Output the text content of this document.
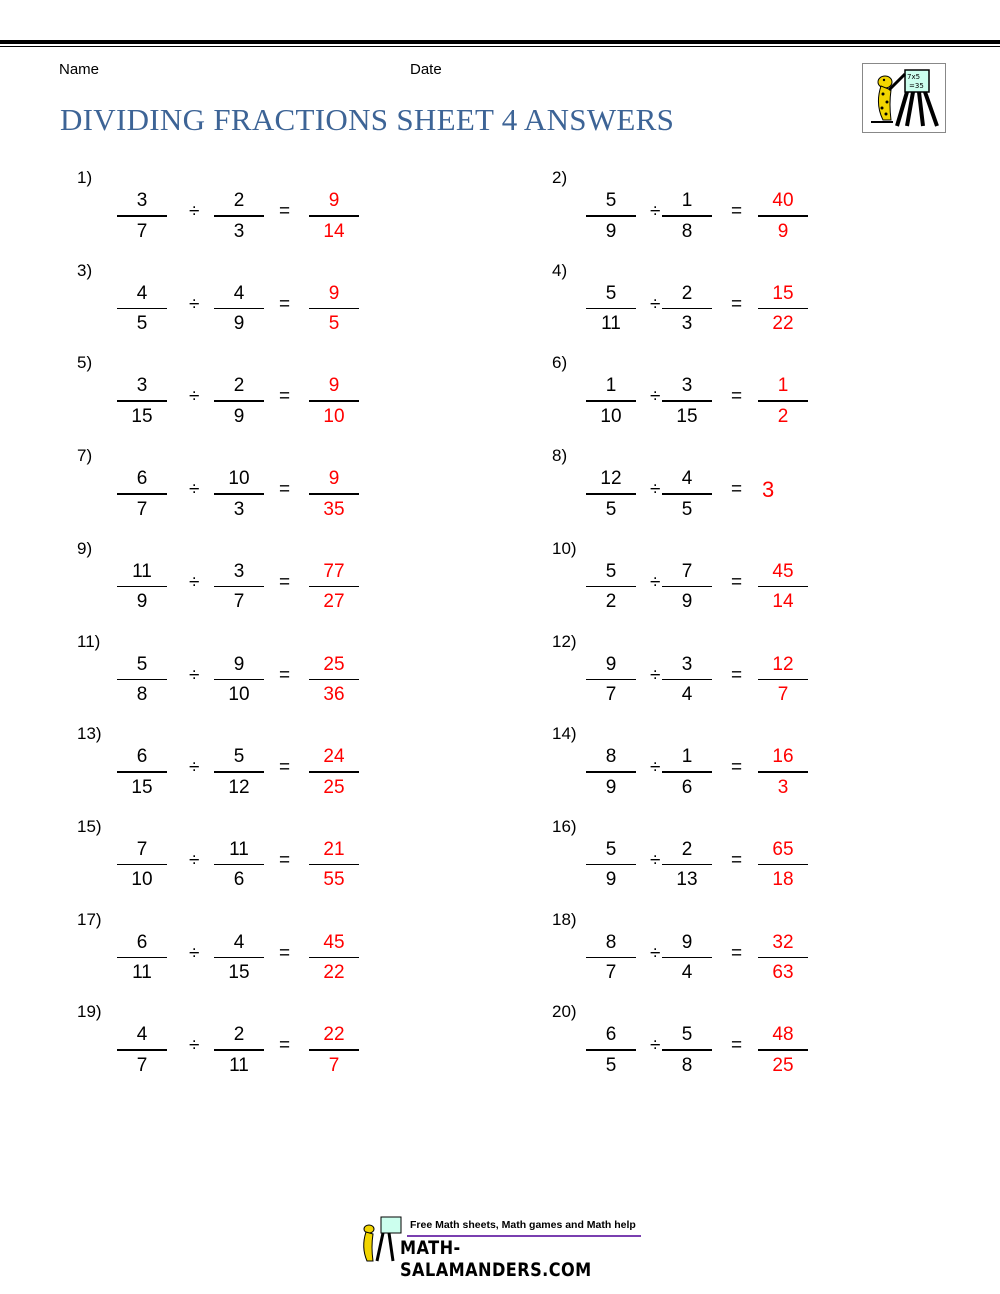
Name	Date
DIVIDING FRACTIONS SHEET 4 ANSWERS
7x5
=35
1)
3
7
÷
2
3
=
9
14
2)
5
9
÷
1
8
=
40
9
3)
4
5
÷
4
9
=
9
5
4)
5
11
÷
2
3
=
15
22
5)
3
15
÷
2
9
=
9
10
6)
1
10
÷
3
15
=
1
2
7)
6
7
÷
10
3
=
9
35
8)
12
5
÷
4
5
= 3
9)
11
9
÷
3
7
=
77
27
10)
5
2
÷
7
9
=
45
14
11)
5
8
÷
9
10
=
25
36
12)
9
7
÷
3
4
=
12
7
13)
6
15
÷
5
12
=
24
25
14)
8
9
÷
1
6
=
16
3
15)
7
10
÷
11
6
=
21
55
16)
5
9
÷
2
13
=
65
18
17)
6
11
÷
4
15
=
45
22
18)
8
7
÷
9
4
=
32
63
19)
4
7
÷
2
11
=
22
7
20)
6
5
÷
5
8
=
48
25
Free Math sheets, Math games and Math help
MATH-SALAMANDERS.COM
